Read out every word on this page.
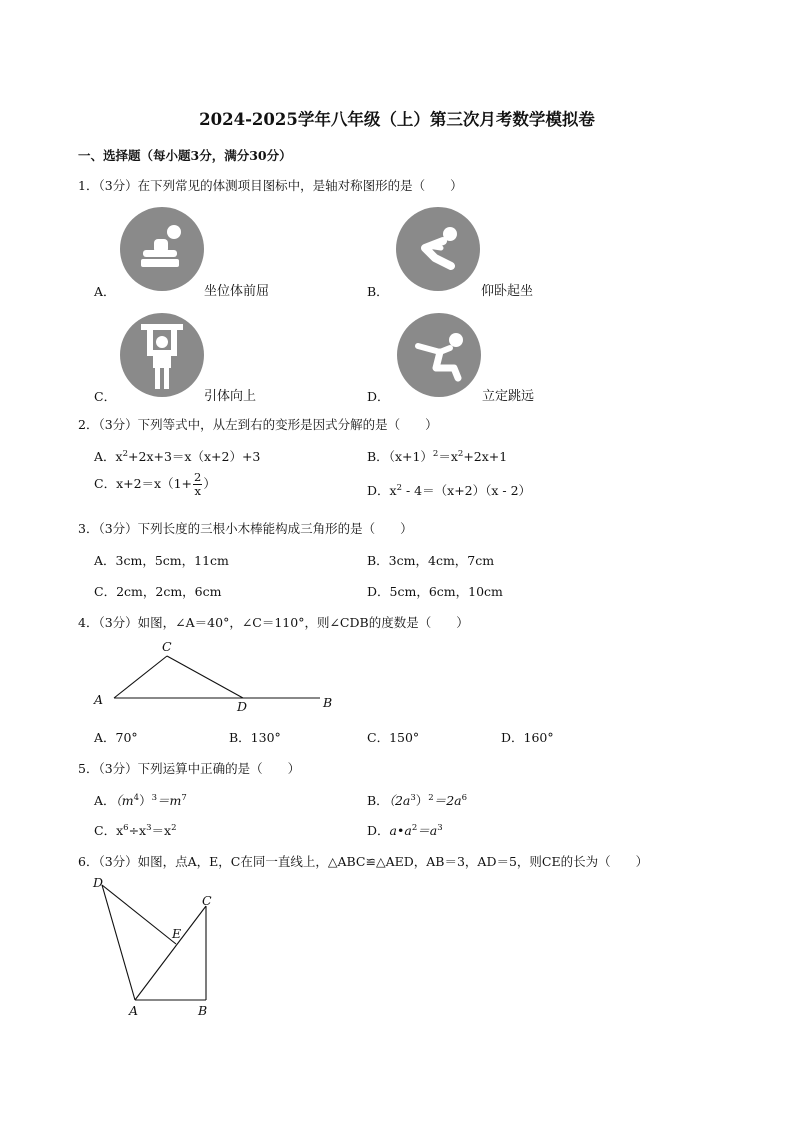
2024-2025学年八年级（上）第三次月考数学模拟卷
一、选择题（每小题3分，满分30分）
1．（3分）在下列常见的体测项目图标中，是轴对称图形的是（　　）
A．	坐位体前屈	B．	仰卧起坐
C．	引体向上	D．	立定跳远
2．（3分）下列等式中，从左到右的变形是因式分解的是（　　）
A．$x^2+2x+3=x(x+2)+3$	B．$(x+1)^2=x^2+2x+1$
C．$x+2=x(1+ \frac{2}{x}$ ）	D．$x^2 - 4=(x+2)(x - 2)$
3．（3分）下列长度的三根小木棒能构成三角形的是（　　）
A．3cm，5cm，11cm	B．3cm，4cm，7cm
C．2cm，2cm，6cm	D．5cm，6cm，10cm
4．（3分）如图，∠A＝40°，∠C＝110°，则∠CDB的度数是（　　）
A
C
D	B
A．70°	B．130°	C．150°	D．160°
5．（3分）下列运算中正确的是（　　）
A．$(m^4)^3=m^7$	B．$(2a^3)^2=2a^6$
C．$x^6\div x^3=x^2$	D．$a•a^2=a^3$
6．（3分）如图，点A，E，C在同一直线上，△ABC≌△AED，AB＝3，AD＝5，则CE的长为（　　）
D
C
E
A	B
